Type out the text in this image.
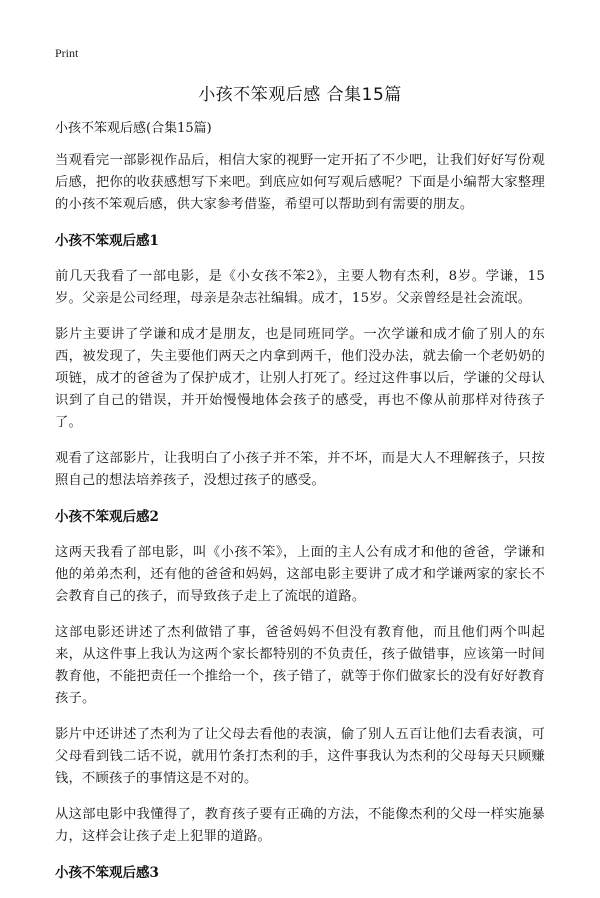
Print
小孩不笨观后感 合集15篇

小孩不笨观后感(合集15篇)

当观看完一部影视作品后，相信大家的视野一定开拓了不少吧，让我们好好写份观后感，把你的收获感想写下来吧。到底应如何写观后感呢？下面是小编帮大家整理的小孩不笨观后感，供大家参考借鉴，希望可以帮助到有需要的朋友。

小孩不笨观后感1

前几天我看了一部电影，是《小女孩不笨2》，主要人物有杰利，8岁。学谦，15岁。父亲是公司经理，母亲是杂志社编辑。成才，15岁。父亲曾经是社会流氓。

影片主要讲了学谦和成才是朋友，也是同班同学。一次学谦和成才偷了别人的东西，被发现了，失主要他们两天之内拿到两千，他们没办法，就去偷一个老奶奶的项链，成才的爸爸为了保护成才，让别人打死了。经过这件事以后，学谦的父母认识到了自己的错误，并开始慢慢地体会孩子的感受，再也不像从前那样对待孩子了。

观看了这部影片，让我明白了小孩子并不笨，并不坏，而是大人不理解孩子，只按照自己的想法培养孩子，没想过孩子的感受。

小孩不笨观后感2

这两天我看了部电影，叫《小孩不笨》，上面的主人公有成才和他的爸爸，学谦和他的弟弟杰利，还有他的爸爸和妈妈，这部电影主要讲了成才和学谦两家的家长不会教育自己的孩子，而导致孩子走上了流氓的道路。

这部电影还讲述了杰利做错了事，爸爸妈妈不但没有教育他，而且他们两个叫起来，从这件事上我认为这两个家长都特别的不负责任，孩子做错事，应该第一时间教育他，不能把责任一个推给一个，孩子错了，就等于你们做家长的没有好好教育孩子。

影片中还讲述了杰利为了让父母去看他的表演，偷了别人五百让他们去看表演，可父母看到钱二话不说，就用竹条打杰利的手，这件事我认为杰利的父母每天只顾赚钱，不顾孩子的事情这是不对的。

从这部电影中我懂得了，教育孩子要有正确的方法，不能像杰利的父母一样实施暴力，这样会让孩子走上犯罪的道路。

小孩不笨观后感3
